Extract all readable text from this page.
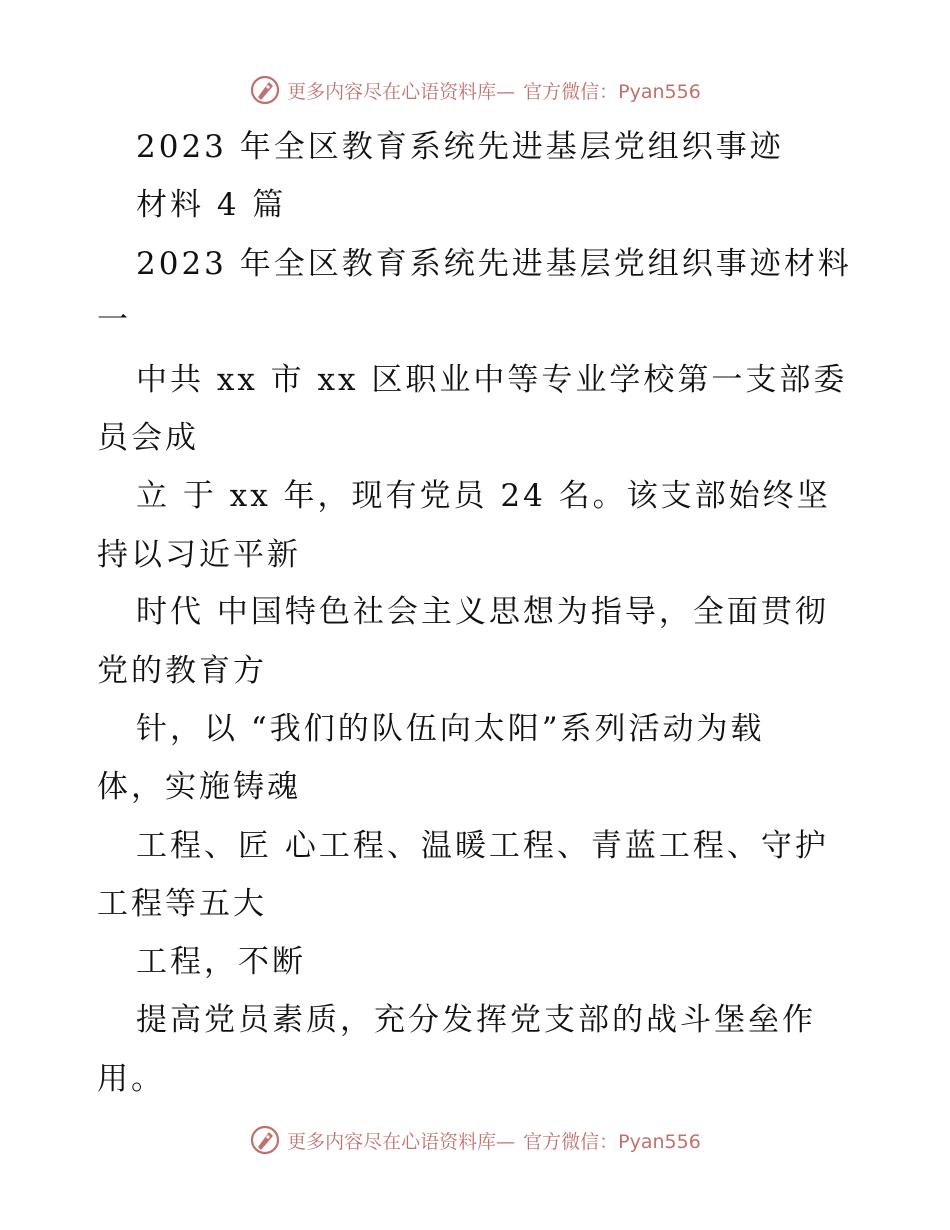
更多内容尽在心语资料库— 官方微信：Pyan556
2023 年全区教育系统先进基层党组织事迹
材料 4 篇
2023 年全区教育系统先进基层党组织事迹材料
一
中共 xx 市 xx 区职业中等专业学校第一支部委
员会成
立 于 xx 年，现有党员 24 名。该支部始终坚
持以习近平新
时代 中国特色社会主义思想为指导，全面贯彻
党的教育方
针，以 “我们的队伍向太阳”系列活动为载
体，实施铸魂
工程、匠 心工程、温暖工程、青蓝工程、守护
工程等五大
工程，不断
提高党员素质，充分发挥党支部的战斗堡垒作
用。
更多内容尽在心语资料库— 官方微信：Pyan556
